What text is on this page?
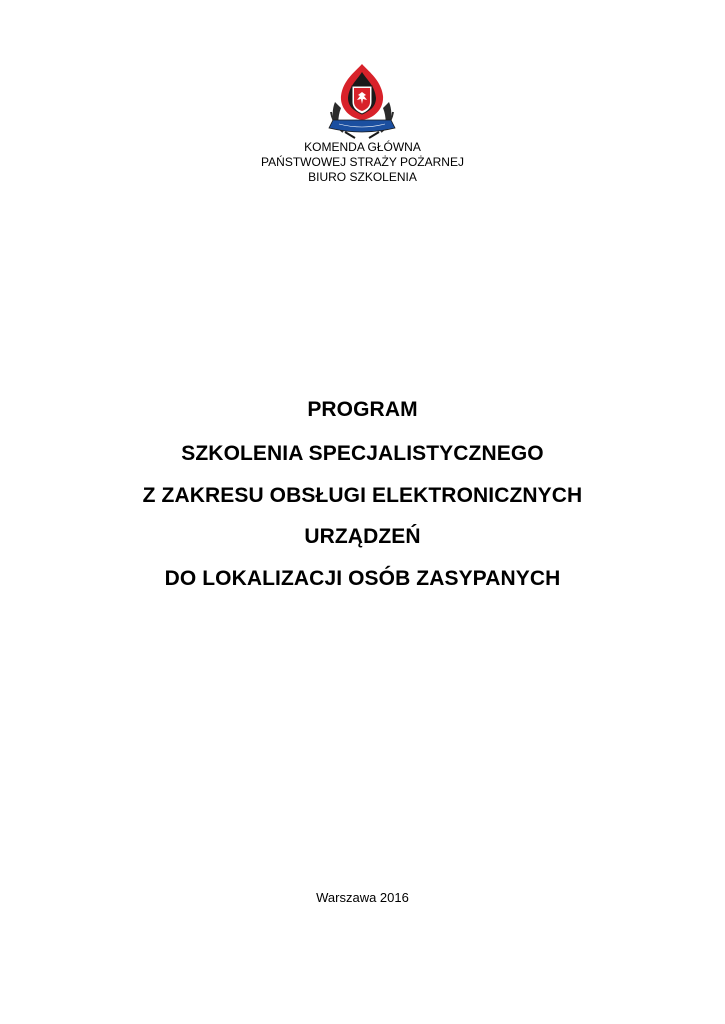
KOMENDA GŁÓWNA
PAŃSTWOWEJ STRAŻY POŻARNEJ
BIURO SZKOLENIA
PROGRAM
SZKOLENIA SPECJALISTYCZNEGO
Z ZAKRESU OBSŁUGI ELEKTRONICZNYCH
URZĄDZEŃ
DO LOKALIZACJI OSÓB ZASYPANYCH
Warszawa 2016
